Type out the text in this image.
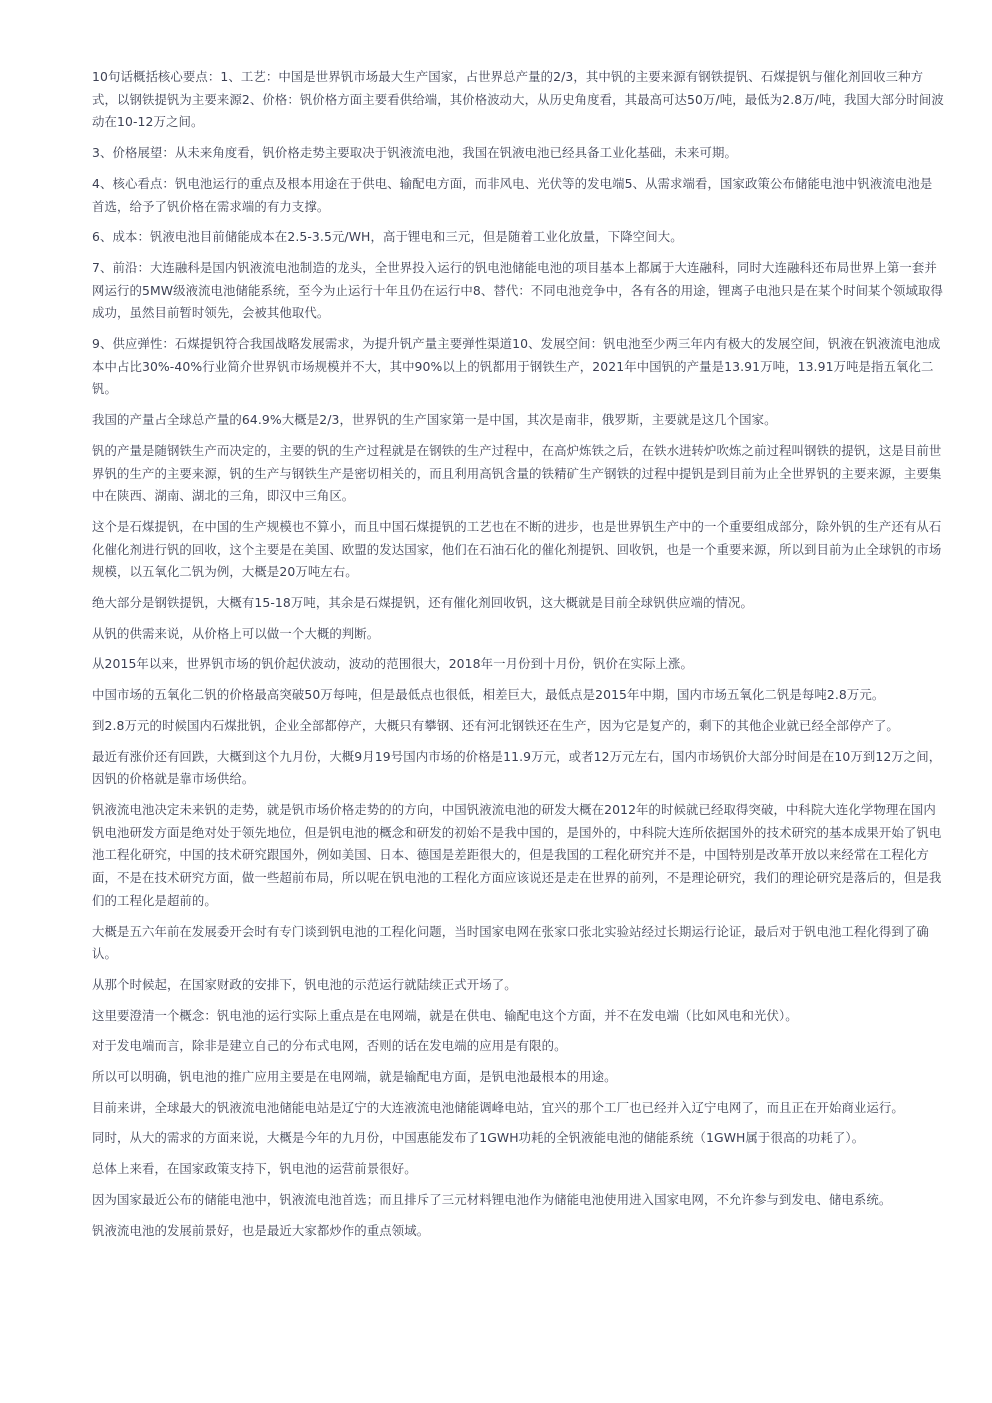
10句话概括核心要点：1、工艺：中国是世界钒市场最大生产国家，占世界总产量的2/3，其中钒的主要来源有钢铁提钒、石煤提钒与催化剂回收三种方式，以钢铁提钒为主要来源2、价格：钒价格方面主要看供给端，其价格波动大，从历史角度看，其最高可达50万/吨，最低为2.8万/吨，我国大部分时间波动在10-12万之间。

3、价格展望：从未来角度看，钒价格走势主要取决于钒液流电池，我国在钒液电池已经具备工业化基础，未来可期。

4、核心看点：钒电池运行的重点及根本用途在于供电、输配电方面，而非风电、光伏等的发电端5、从需求端看，国家政策公布储能电池中钒液流电池是首选，给予了钒价格在需求端的有力支撑。

6、成本：钒液电池目前储能成本在2.5-3.5元/WH，高于锂电和三元，但是随着工业化放量，下降空间大。

7、前沿：大连融科是国内钒液流电池制造的龙头，全世界投入运行的钒电池储能电池的项目基本上都属于大连融科，同时大连融科还布局世界上第一套并网运行的5MW级液流电池储能系统，至今为止运行十年且仍在运行中8、替代：不同电池竞争中，各有各的用途，锂离子电池只是在某个时间某个领域取得成功，虽然目前暂时领先，会被其他取代。

9、供应弹性：石煤提钒符合我国战略发展需求，为提升钒产量主要弹性渠道10、发展空间：钒电池至少两三年内有极大的发展空间，钒液在钒液流电池成本中占比30%-40%行业简介世界钒市场规模并不大，其中90%以上的钒都用于钢铁生产，2021年中国钒的产量是13.91万吨，13.91万吨是指五氧化二钒。

我国的产量占全球总产量的64.9%大概是2/3，世界钒的生产国家第一是中国，其次是南非，俄罗斯，主要就是这几个国家。

钒的产量是随钢铁生产而决定的，主要的钒的生产过程就是在钢铁的生产过程中，在高炉炼铁之后，在铁水进转炉吹炼之前过程叫钢铁的提钒，这是目前世界钒的生产的主要来源，钒的生产与钢铁生产是密切相关的，而且利用高钒含量的铁精矿生产钢铁的过程中提钒是到目前为止全世界钒的主要来源，主要集中在陕西、湖南、湖北的三角，即汉中三角区。

这个是石煤提钒，在中国的生产规模也不算小，而且中国石煤提钒的工艺也在不断的进步，也是世界钒生产中的一个重要组成部分，除外钒的生产还有从石化催化剂进行钒的回收，这个主要是在美国、欧盟的发达国家，他们在石油石化的催化剂提钒、回收钒，也是一个重要来源，所以到目前为止全球钒的市场规模，以五氧化二钒为例，大概是20万吨左右。

绝大部分是钢铁提钒，大概有15-18万吨，其余是石煤提钒，还有催化剂回收钒，这大概就是目前全球钒供应端的情况。

从钒的供需来说，从价格上可以做一个大概的判断。

从2015年以来，世界钒市场的钒价起伏波动，波动的范围很大，2018年一月份到十月份，钒价在实际上涨。

中国市场的五氧化二钒的价格最高突破50万每吨，但是最低点也很低，相差巨大，最低点是2015年中期，国内市场五氧化二钒是每吨2.8万元。

到2.8万元的时候国内石煤批钒，企业全部都停产，大概只有攀钢、还有河北钢铁还在生产，因为它是复产的，剩下的其他企业就已经全部停产了。

最近有涨价还有回跌，大概到这个九月份，大概9月19号国内市场的价格是11.9万元，或者12万元左右，国内市场钒价大部分时间是在10万到12万之间，因钒的价格就是靠市场供给。

钒液流电池决定未来钒的走势，就是钒市场价格走势的的方向，中国钒液流电池的研发大概在2012年的时候就已经取得突破，中科院大连化学物理在国内钒电池研发方面是绝对处于领先地位，但是钒电池的概念和研发的初始不是我中国的，是国外的，中科院大连所依据国外的技术研究的基本成果开始了钒电池工程化研究，中国的技术研究跟国外，例如美国、日本、德国是差距很大的，但是我国的工程化研究并不是，中国特别是改革开放以来经常在工程化方面，不是在技术研究方面，做一些超前布局，所以呢在钒电池的工程化方面应该说还是走在世界的前列，不是理论研究，我们的理论研究是落后的，但是我们的工程化是超前的。

大概是五六年前在发展委开会时有专门谈到钒电池的工程化问题，当时国家电网在张家口张北实验站经过长期运行论证，最后对于钒电池工程化得到了确认。

从那个时候起，在国家财政的安排下，钒电池的示范运行就陆续正式开场了。

这里要澄清一个概念：钒电池的运行实际上重点是在电网端，就是在供电、输配电这个方面，并不在发电端（比如风电和光伏）。

对于发电端而言，除非是建立自己的分布式电网，否则的话在发电端的应用是有限的。

所以可以明确，钒电池的推广应用主要是在电网端，就是输配电方面，是钒电池最根本的用途。

目前来讲，全球最大的钒液流电池储能电站是辽宁的大连液流电池储能调峰电站，宜兴的那个工厂也已经并入辽宁电网了，而且正在开始商业运行。

同时，从大的需求的方面来说，大概是今年的九月份，中国惠能发布了1GWH功耗的全钒液能电池的储能系统（1GWH属于很高的功耗了）。

总体上来看，在国家政策支持下，钒电池的运营前景很好。

因为国家最近公布的储能电池中，钒液流电池首选；而且排斥了三元材料锂电池作为储能电池使用进入国家电网，不允许参与到发电、储电系统。

钒液流电池的发展前景好，也是最近大家都炒作的重点领域。
